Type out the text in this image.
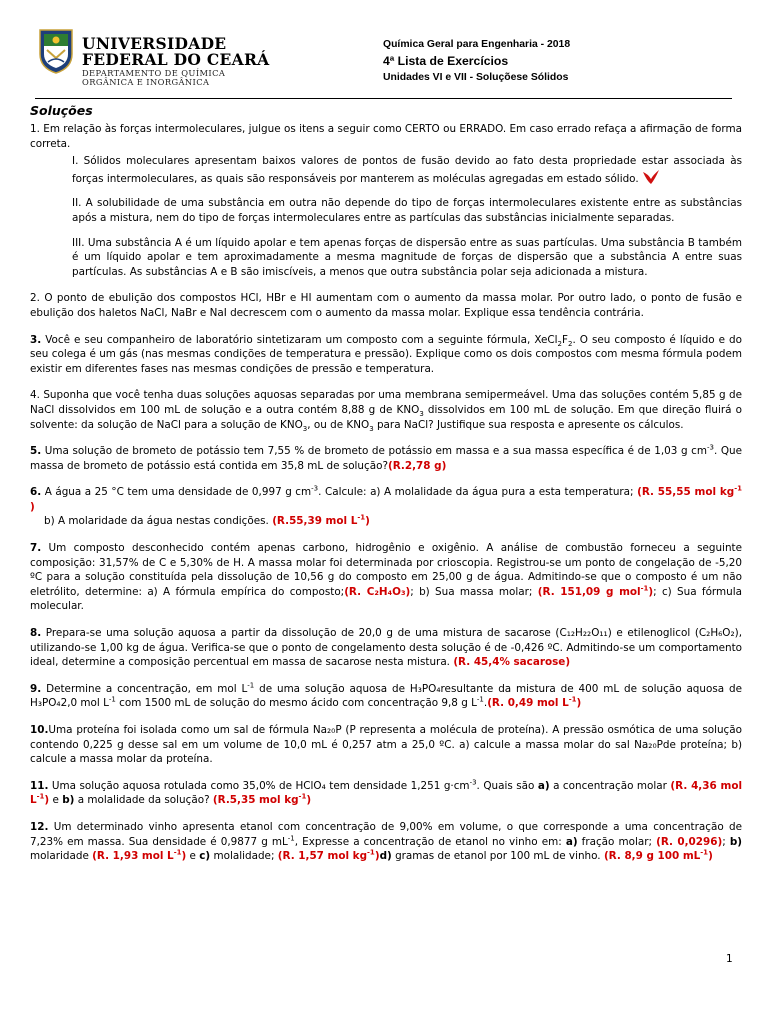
UNIVERSIDADE
FEDERAL DO CEARÁ
DEPARTAMENTO DE QUÍMICA
ORGÂNICA E INORGÂNICA
Química Geral para Engenharia - 2018
4ª Lista de Exercícios
Unidades VI e VII - Soluçõese Sólidos
Soluções

1. Em relação às forças intermoleculares, julgue os itens a seguir como CERTO ou ERRADO. Em caso errado refaça a afirmação de forma correta.

I. Sólidos moleculares apresentam baixos valores de pontos de fusão devido ao fato desta propriedade estar associada às forças intermoleculares, as quais são responsáveis por manterem as moléculas agregadas em estado sólido.

II. A solubilidade de uma substância em outra não depende do tipo de forças intermoleculares existente entre as substâncias após a mistura, nem do tipo de forças intermoleculares entre as partículas das substâncias inicialmente separadas.

III. Uma substância A é um líquido apolar e tem apenas forças de dispersão entre as suas partículas. Uma substância B também é um líquido apolar e tem aproximadamente a mesma magnitude de forças de dispersão que a substância A entre suas partículas. As substâncias A e B são imiscíveis, a menos que outra substância polar seja adicionada a mistura.

2. O ponto de ebulição dos compostos HCl, HBr e HI aumentam com o aumento da massa molar. Por outro lado, o ponto de fusão e ebulição dos haletos NaCl, NaBr e NaI decrescem com o aumento da massa molar. Explique essa tendência contrária.

3. Você e seu companheiro de laboratório sintetizaram um composto com a seguinte fórmula, $XeCl_2F_2$. O seu composto é líquido e do seu colega é um gás (nas mesmas condições de temperatura e pressão). Explique como os dois compostos com mesma fórmula podem existir em diferentes fases nas mesmas condições de pressão e temperatura.

4. Suponha que você tenha duas soluções aquosas separadas por uma membrana semipermeável. Uma das soluções contém 5,85 g de NaCl dissolvidos em 100 mL de solução e a outra contém 8,88 g de $KNO_3$ dissolvidos em 100 mL de solução. Em que direção fluirá o solvente: da solução de NaCl para a solução de $KNO_3$, ou de $KNO_3$ para NaCl? Justifique sua resposta e apresente os cálculos.

5. Uma solução de brometo de potássio tem 7,55 % de brometo de potássio em massa e a sua massa específica é de 1,03 g $cm^{-3}$. Que massa de brometo de potássio está contida em 35,8 mL de solução?(R.2,78 g)

6. A água a 25 °C tem uma densidade de 0,997 g $cm^{-3}$. Calcule: a) A molalidade da água pura a esta temperatura; (R. 55,55 mol $kg^{-1}$ )
b) A molaridade da água nestas condições. (R.55,39 mol $L^{-1}$)

7. Um composto desconhecido contém apenas carbono, hidrogênio e oxigênio. A análise de combustão forneceu a seguinte composição: 31,57% de C e 5,30% de H. A massa molar foi determinada por crioscopia. Registrou-se um ponto de congelação de -5,20 ºC para a solução constituída pela dissolução de 10,56 g do composto em 25,00 g de água. Admitindo-se que o composto é um não eletrólito, determine: a) A fórmula empírica do composto;(R. C₂H₄O₃); b) Sua massa molar; (R. 151,09 g mol$^{-1}$); c) Sua fórmula molecular.

8. Prepara-se uma solução aquosa a partir da dissolução de 20,0 g de uma mistura de sacarose (C₁₂H₂₂O₁₁) e etilenoglicol (C₂H₆O₂), utilizando-se 1,00 kg de água. Verifica-se que o ponto de congelamento desta solução é de -0,426 ºC. Admitindo-se um comportamento ideal, determine a composição percentual em massa de sacarose nesta mistura. (R. 45,4% sacarose)

9. Determine a concentração, em mol $L^{-1}$ de uma solução aquosa de H₃PO₄resultante da mistura de 400 mL de solução aquosa de H₃PO₄2,0 mol $L^{-1}$ com 1500 mL de solução do mesmo ácido com concentração 9,8 g $L^{-1}.(R$. 0,49 mol $L^{-1}$)

10.Uma proteína foi isolada como um sal de fórmula Na₂₀P (P representa a molécula de proteína). A pressão osmótica de uma solução contendo 0,225 g desse sal em um volume de 10,0 mL é 0,257 atm a 25,0 ºC. a) calcule a massa molar do sal Na₂₀Pde proteína; b) calcule a massa molar da proteína.

11. Uma solução aquosa rotulada como 35,0% de HClO₄ tem densidade 1,251 $g\cdot cm^{-3}$. Quais são a) a concentração molar (R. 4,36 mol $L^{-1}$) e b) a molalidade da solução? (R.5,35 mol $kg^{-1}$)

12. Um determinado vinho apresenta etanol com concentração de 9,00% em volume, o que corresponde a uma concentração de 7,23% em massa. Sua densidade é 0,9877 g $mL^{-1}$, Expresse a concentração de etanol no vinho em: a) fração molar; (R. 0,0296); b) molaridade (R. 1,93 mol $L^{-1}$) e c) molalidade; (R. 1,57 mol $kg^{-1})d$) gramas de etanol por 100 mL de vinho. (R. 8,9 g 100 $mL^{-1}$)

1
